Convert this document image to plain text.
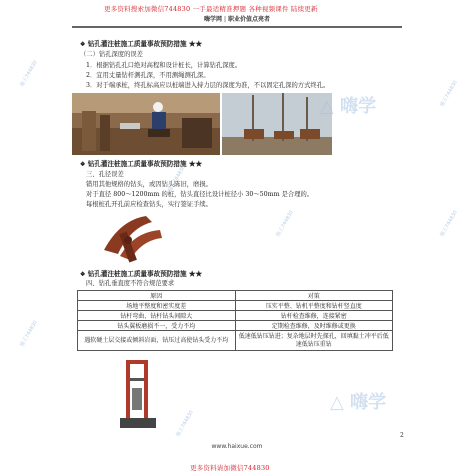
更多资料搜索加微信744830 一手最适精准押题 各种视频课件 陆续更新
嗨学网 | 职业价值点亮者
❖ 钻孔灌注桩施工质量事故预防措施 ★★
（二）钻孔深度的误差
1．根据钻孔孔口绝对高程和设计桩长，计算钻孔深度。
2．宜用丈量钻杆测孔深，不用测绳测孔深。
3．对于端承桩，终孔标高应以桩端进入持力层的深度为准，不以固定孔深的方式终孔。
❖ 钻孔灌注桩施工质量事故预防措施 ★★
三、孔径误差
错用其他规格的钻头，或因钻头陈旧，磨损。
对于直径 800～1200mm 的桩，钻头直径比设计桩径小 30～50mm 是合理的。
每根桩孔开孔前应检查钻头，实行签证手续。
❖ 钻孔灌注桩施工质量事故预防措施 ★★
四、钻孔垂直度不符合规范要求
原因	对策
场地平整度和密实度差	压实平整、钻机平整度和钻杆竖直度
钻杆弯曲、钻杆钻头间隙大	钻杆检查维修，连接紧密
钻头翼板磨损不一，受力不均	定期检查维修，及时维修或更换
遇软硬土层交接或倾斜岩面，钻压过高使钻头受力不均	低速低钻压钻进；复杂地层时先探孔，回填黏土冲平后低速低钻压重钻
△ 嗨学
△ 嗨学
拖王744830
拖王744830
拖王744830
拖王744830
拖王744830
拖王744830
拖王744830
2
www.haixue.com
更多资料请加微信744830
